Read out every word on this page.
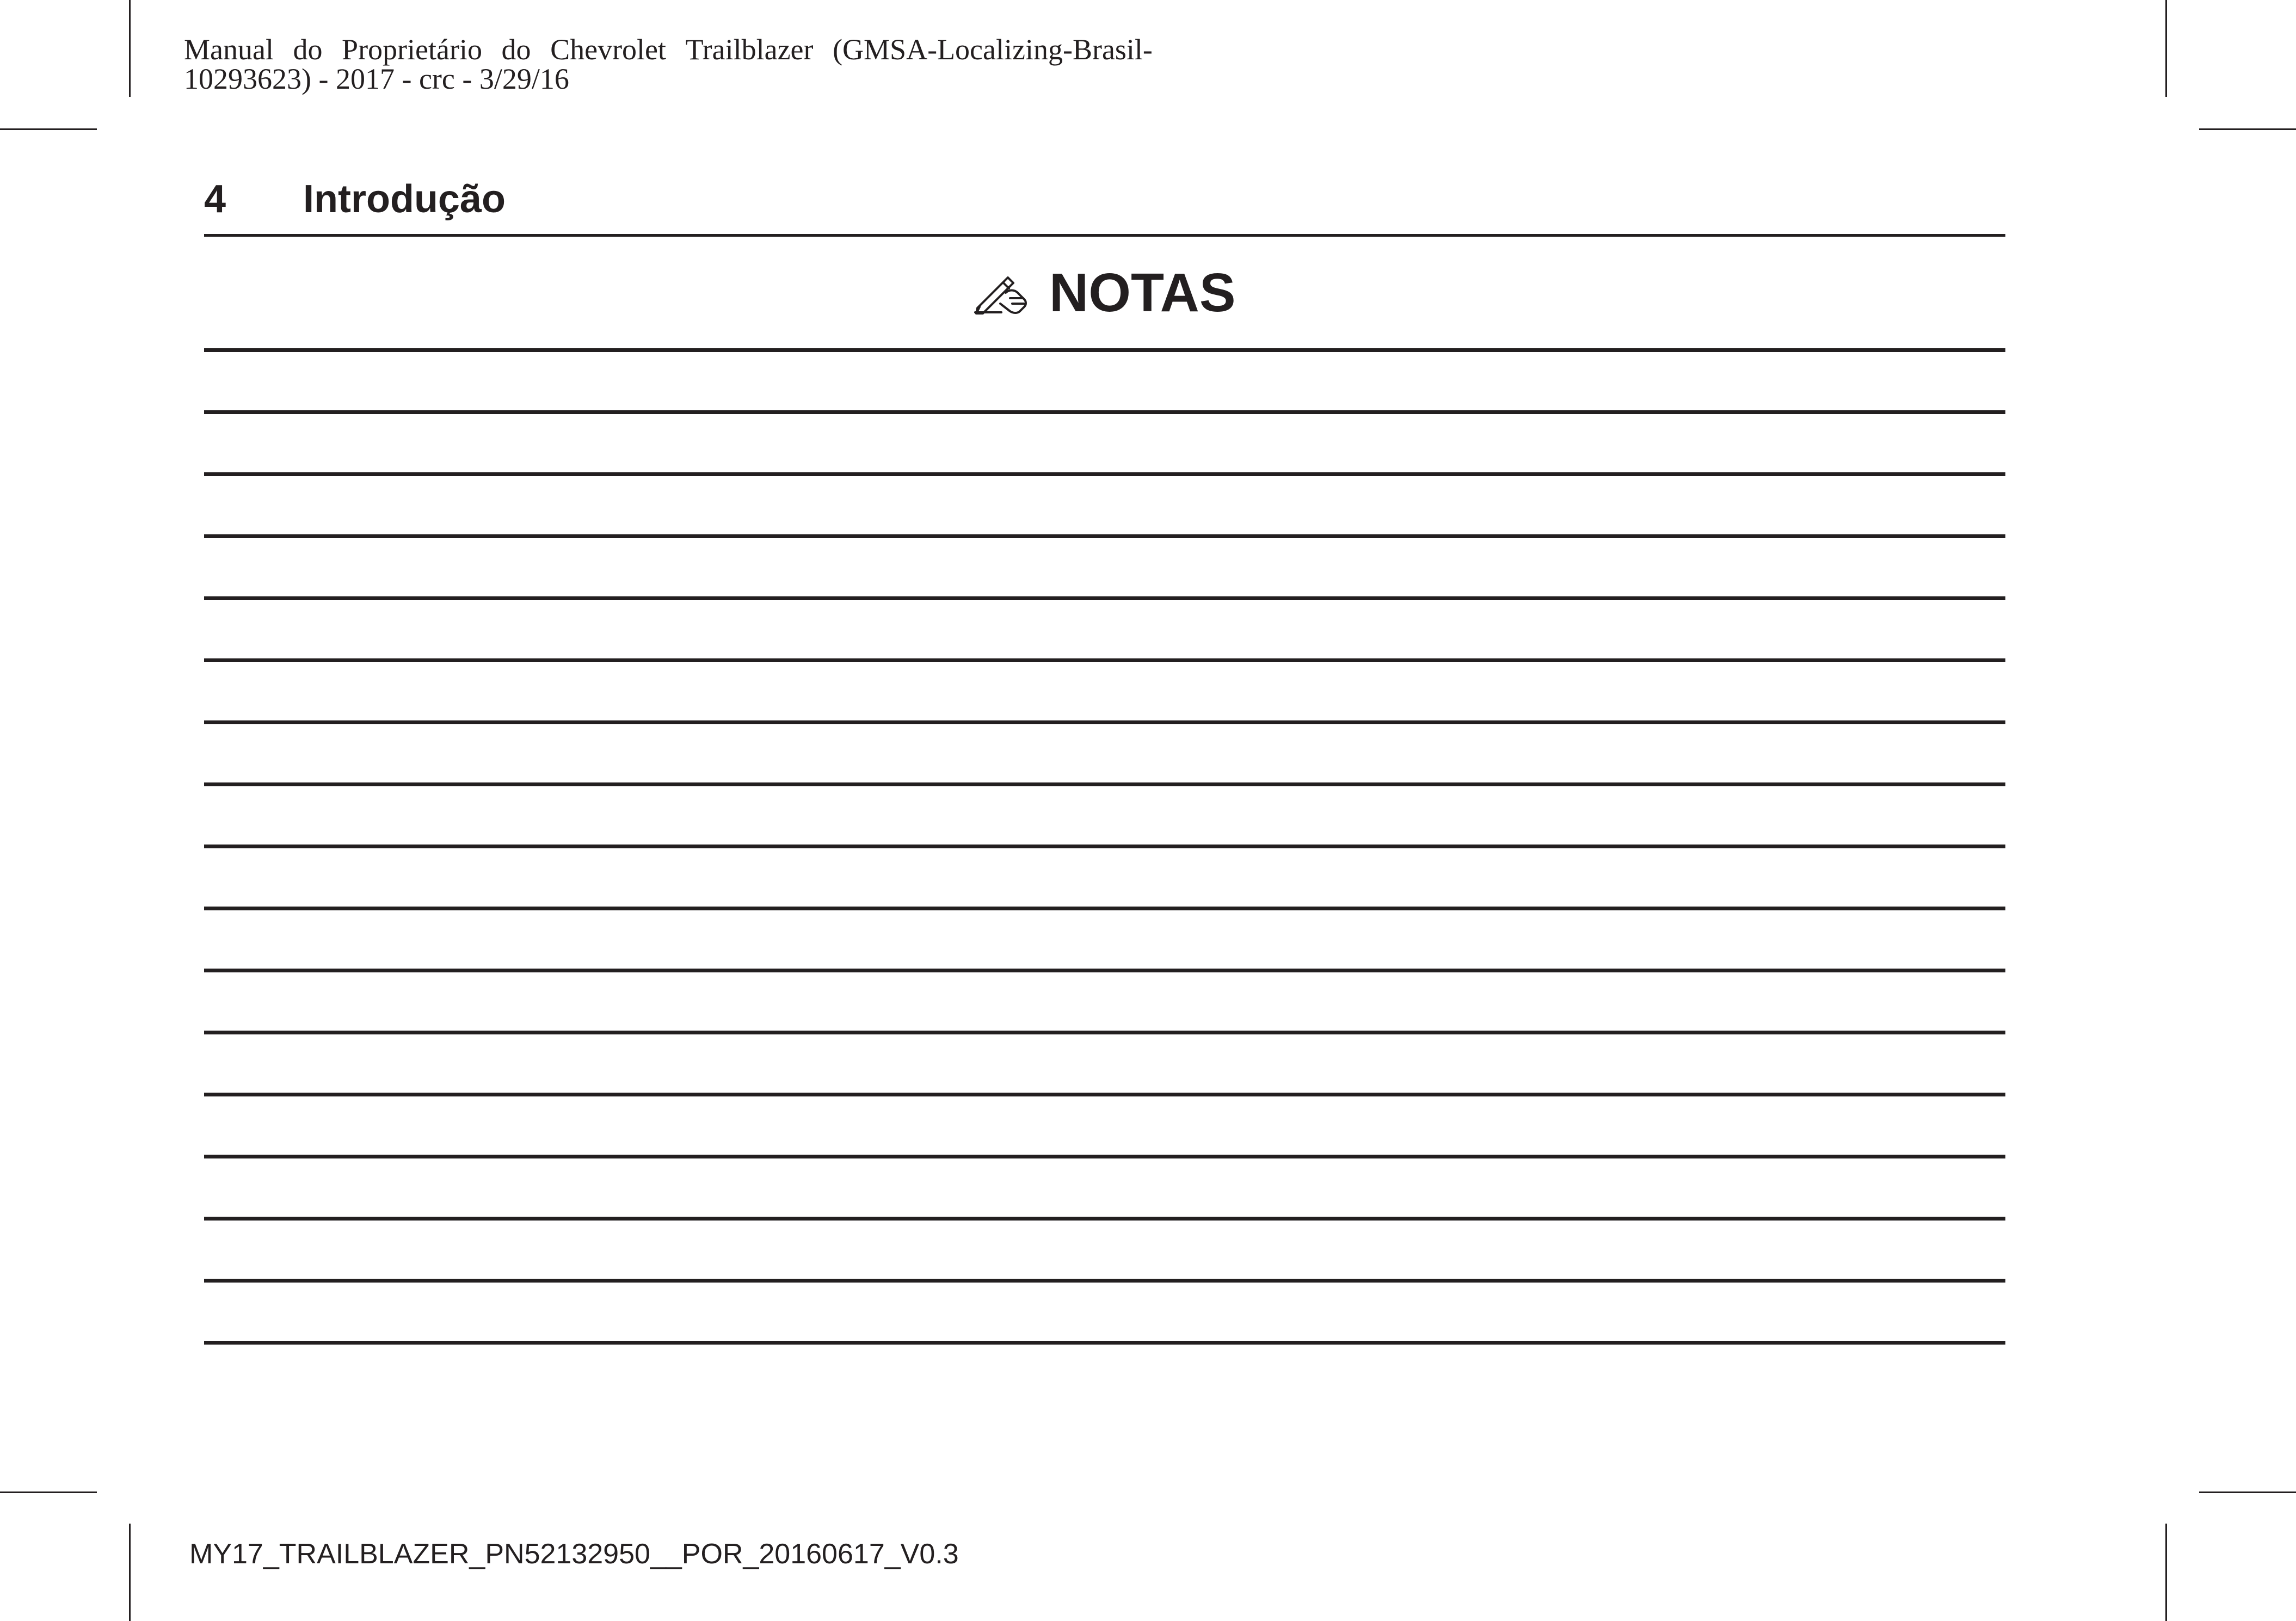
Manual do Proprietário do Chevrolet Trailblazer (GMSA-Localizing-Brasil-
10293623) - 2017 - crc - 3/29/16
4 Introdução
NOTAS
MY17_TRAILBLAZER_PN52132950__POR_20160617_V0.3
